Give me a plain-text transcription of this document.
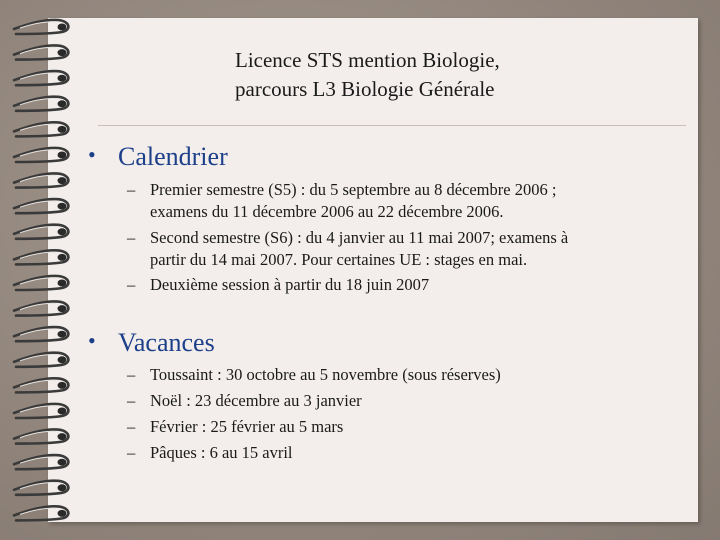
Licence STS mention Biologie,
parcours L3 Biologie Générale
• Calendrier
– Premier semestre (S5) : du 5 septembre au 8 décembre 2006 ;
examens du 11 décembre 2006 au 22 décembre 2006.
– Second semestre (S6) : du 4 janvier au 11 mai 2007; examens à
partir du 14 mai 2007. Pour certaines UE : stages en mai.
– Deuxième session à partir du 18 juin 2007
• Vacances
– Toussaint : 30 octobre au 5 novembre (sous réserves)
– Noël : 23 décembre au 3 janvier
– Février : 25 février au 5 mars
– Pâques : 6 au 15 avril
